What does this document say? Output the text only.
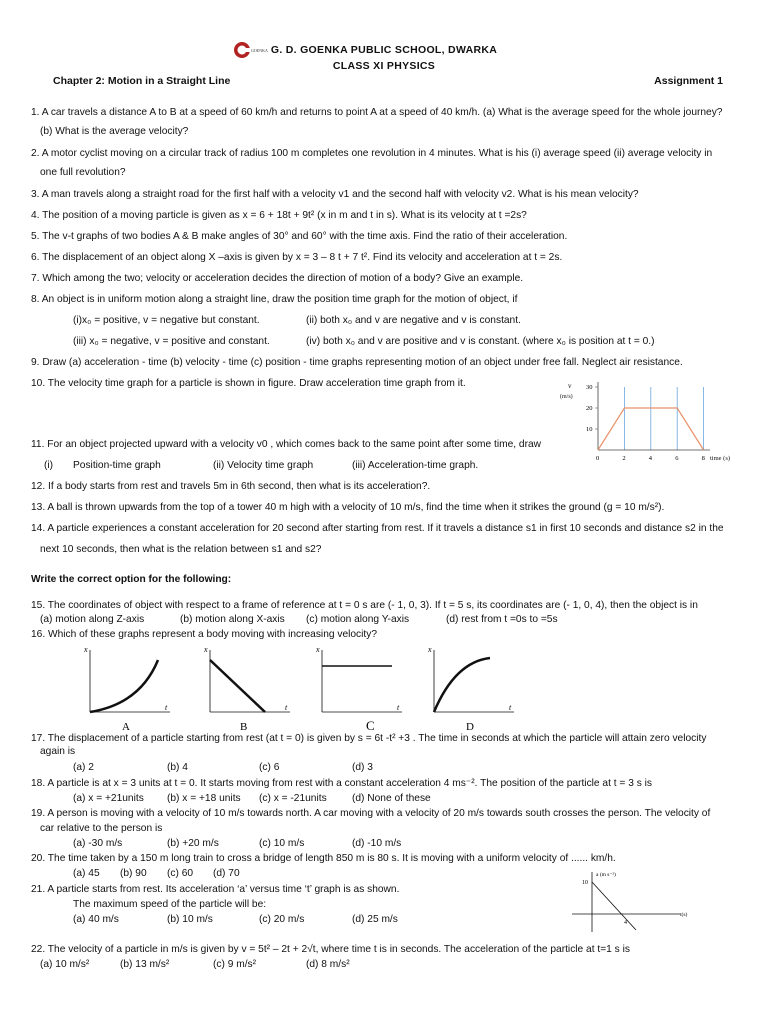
GOENKA G. D. GOENKA PUBLIC SCHOOL, DWARKA
CLASS XI PHYSICS
Chapter 2: Motion in a Straight Line	Assignment 1
1. A car travels a distance A to B at a speed of 60 km/h and returns to point A at a speed of 40 km/h. (a) What is the average speed for the whole journey?
(b) What is the average velocity?
2. A motor cyclist moving on a circular track of radius 100 m completes one revolution in 4 minutes. What is his (i) average speed (ii) average velocity in
one full revolution?
3. A man travels along a straight road for the first half with a velocity v1 and the second half with velocity v2. What is his mean velocity?
4. The position of a moving particle is given as x = 6 + 18t + 9t² (x in m and t in s). What is its velocity at t =2s?
5. The v-t graphs of two bodies A & B make angles of 30° and 60° with the time axis. Find the ratio of their acceleration.
6. The displacement of an object along X –axis is given by x = 3 – 8 t + 7 t². Find its velocity and acceleration at t = 2s.
7. Which among the two; velocity or acceleration decides the direction of motion of a body? Give an example.
8. An object is in uniform motion along a straight line, draw the position time graph for the motion of object, if
(i)x₀ = positive, v = negative but constant.	(ii) both x₀ and v are negative and v is constant.
(iii) x₀ = negative, v = positive and constant.	(iv) both x₀ and v are positive and v is constant. (where x₀ is position at t = 0.)
9. Draw (a) acceleration - time (b) velocity - time (c) position - time graphs representing motion of an object under free fall. Neglect air resistance.
10. The velocity time graph for a particle is shown in figure. Draw acceleration time graph from it.	v
(m/s)
30
20
10
0	2	4	6	8 time (s)
11. For an object projected upward with a velocity v0 , which comes back to the same point after some time, draw
(i) Position-time graph	(ii) Velocity time graph	(iii) Acceleration-time graph.
12. If a body starts from rest and travels 5m in 6th second, then what is its acceleration?.
13. A ball is thrown upwards from the top of a tower 40 m high with a velocity of 10 m/s, find the time when it strikes the ground (g = 10 m/s²).
14. A particle experiences a constant acceleration for 20 second after starting from rest. If it travels a distance s1 in first 10 seconds and distance s2 in the
next 10 seconds, then what is the relation between s1 and s2?
Write the correct option for the following:
15. The coordinates of object with respect to a frame of reference at t = 0 s are (- 1, 0, 3). If t = 5 s, its coordinates are (- 1, 0, 4), then the object is in
(a) motion along Z-axis	(b) motion along X-axis (c) motion along Y-axis	(d) rest from t =0s to =5s
16. Which of these graphs represent a body moving with increasing velocity?
x
t
A
x
t
B
x
t
C
x
t
D
17. The displacement of a particle starting from rest (at t = 0) is given by s = 6t -t² +3 . The time in seconds at which the particle will attain zero velocity
again is
(a) 2	(b) 4	(c) 6	(d) 3
18. A particle is at x = 3 units at t = 0. It starts moving from rest with a constant acceleration 4 ms⁻². The position of the particle at t = 3 s is
(a) x = +21units (b) x = +18 units (c) x = -21units (d) None of these
19. A person is moving with a velocity of 10 m/s towards north. A car moving with a velocity of 20 m/s towards south crosses the person. The velocity of
car relative to the person is
(a) -30 m/s	(b) +20 m/s	(c) 10 m/s	(d) -10 m/s
20. The time taken by a 150 m long train to cross a bridge of length 850 m is 80 s. It is moving with a uniform velocity of ...... km/h.
(a) 45 (b) 90 (c) 60 (d) 70
21. A particle starts from rest. Its acceleration ‘a’ versus time ‘t’ graph is as shown.
The maximum speed of the particle will be:
(a) 40 m/s	(b) 10 m/s	(c) 20 m/s	(d) 25 m/s
a (m s⁻²)
10
t(s)
4
22. The velocity of a particle in m/s is given by v = 5t² – 2t + 2√t, where time t is in seconds. The acceleration of the particle at t=1 s is
(a) 10 m/s²	(b) 13 m/s²	(c) 9 m/s²	(d) 8 m/s²
